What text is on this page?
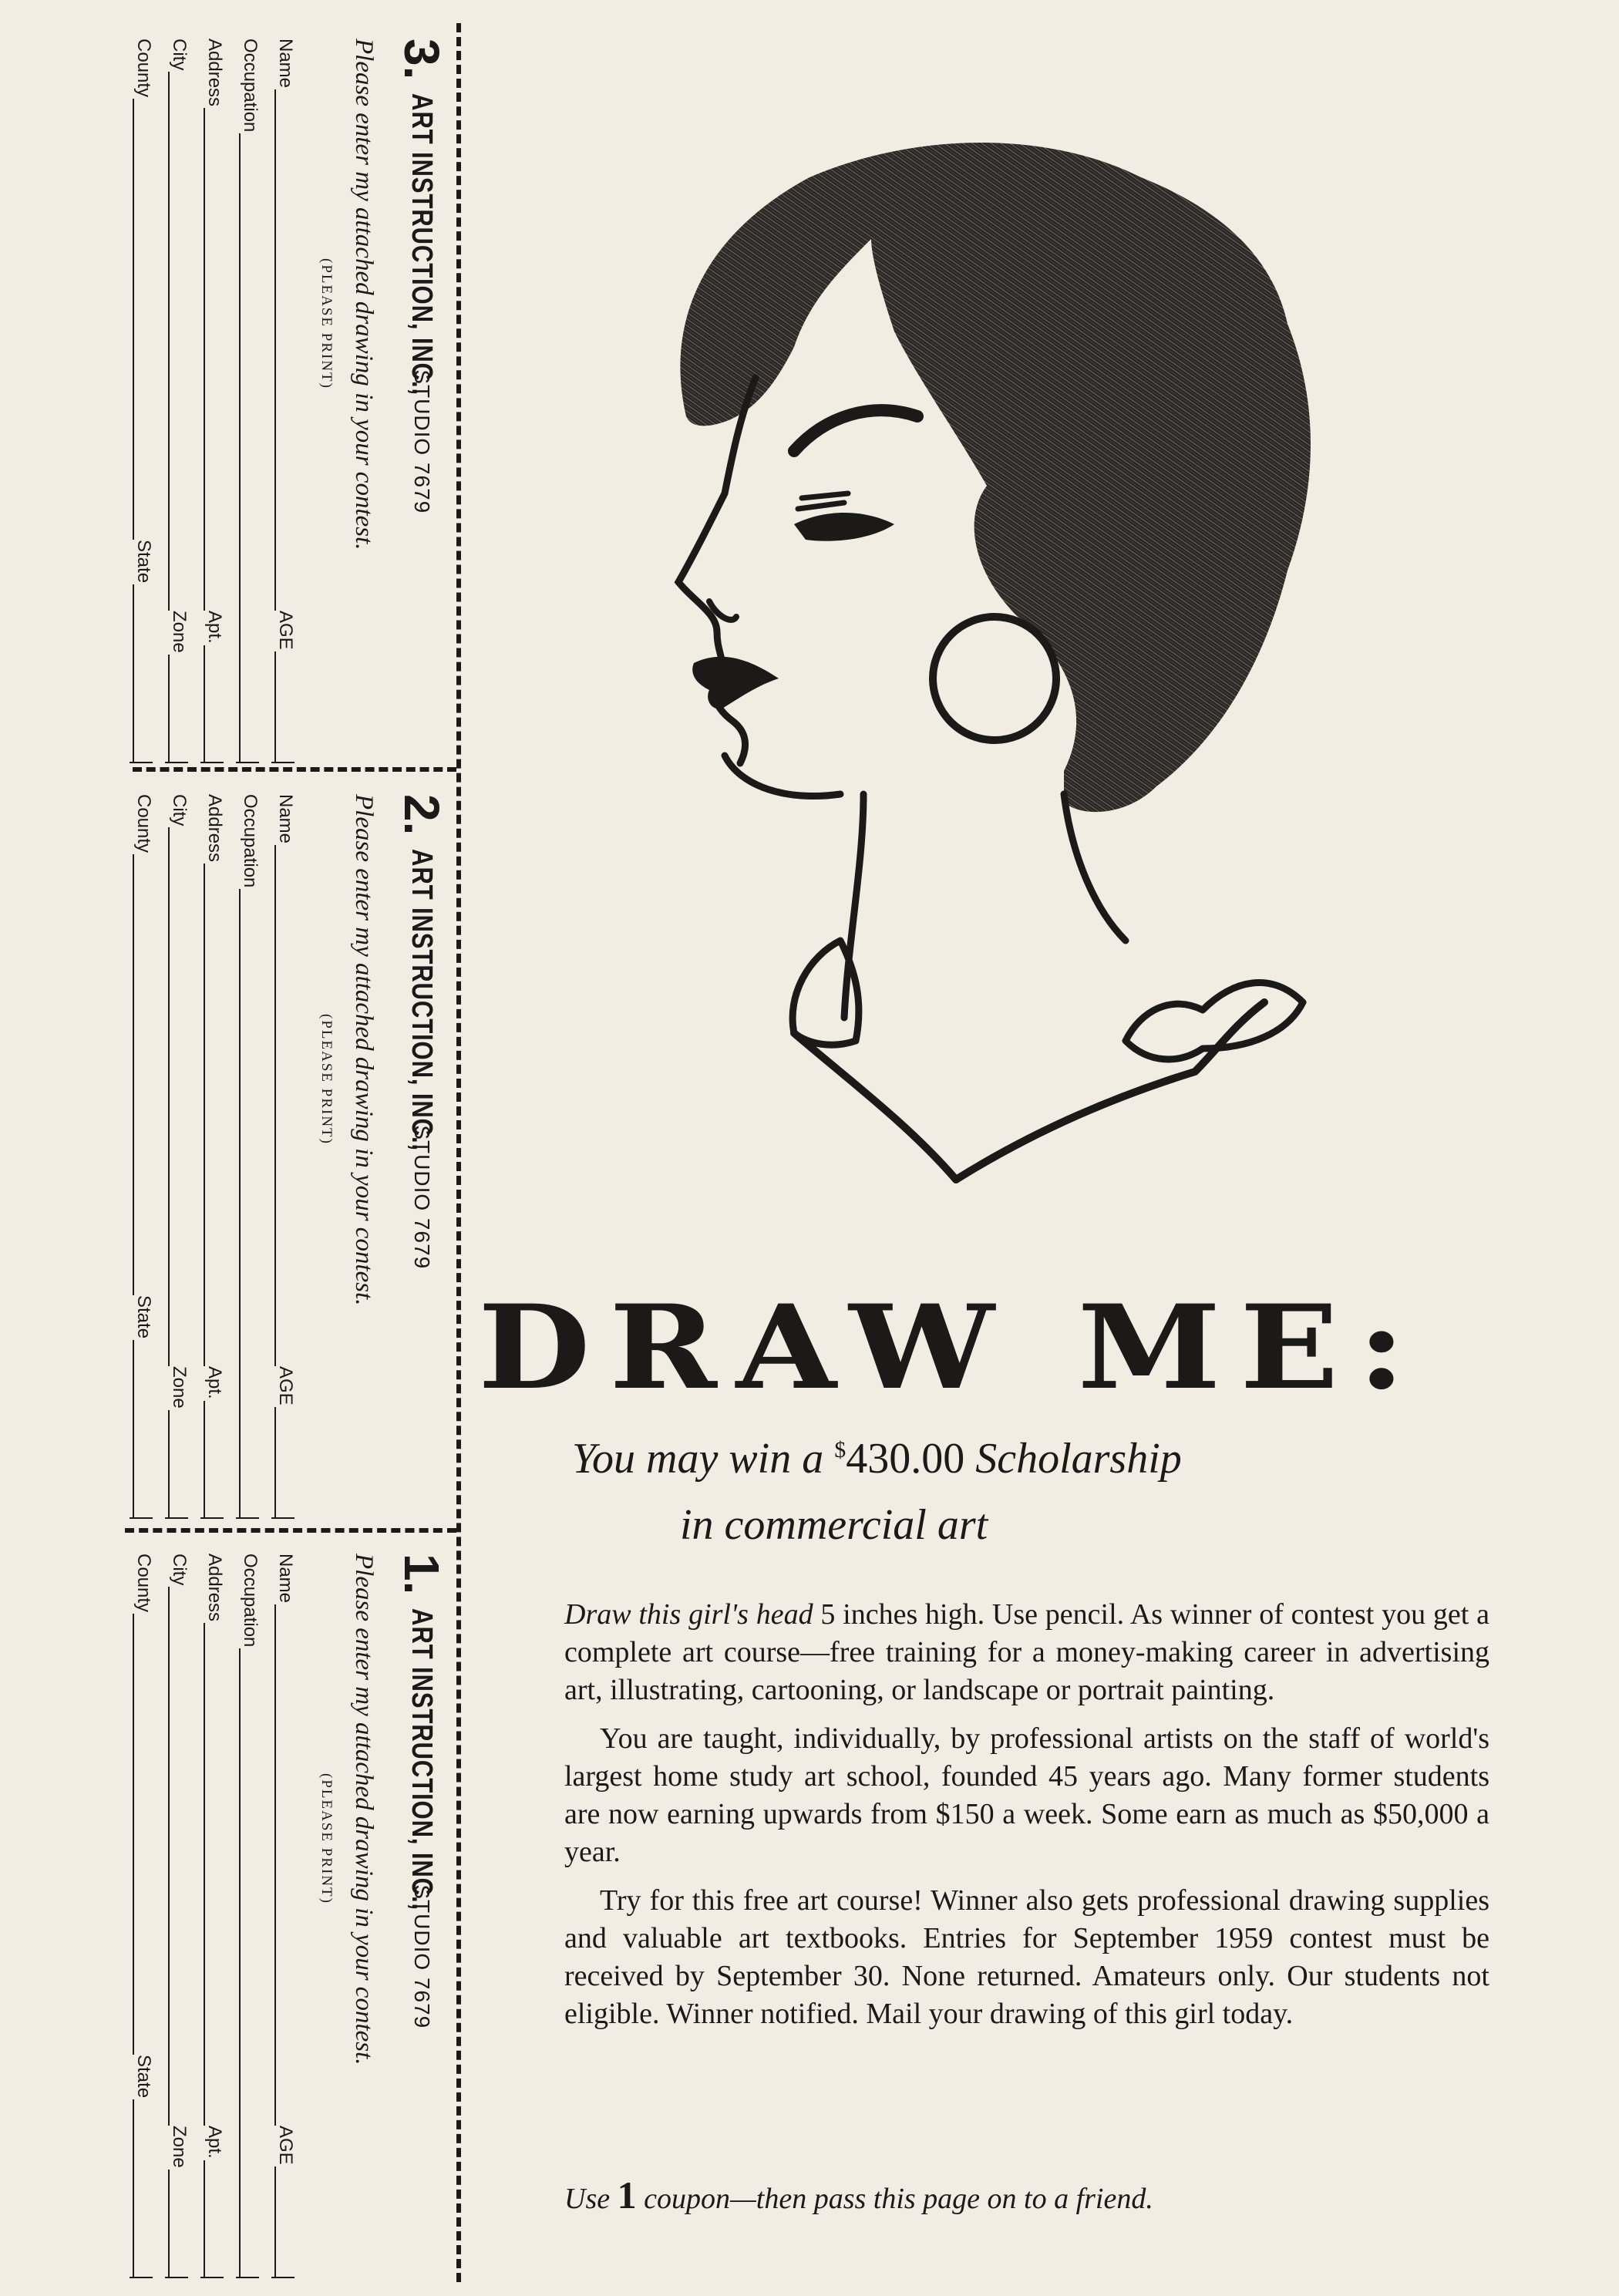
3.ART INSTRUCTION, INC.,STUDIO 7679
Please enter my attached drawing in your contest.
(PLEASE PRINT)
Name
AGE
Occupation
Address
Apt.
City
Zone
County
State
2.ART INSTRUCTION, INC.,STUDIO 7679
Please enter my attached drawing in your contest.
(PLEASE PRINT)
Name
AGE
Occupation
Address
Apt.
City
Zone
County
State
1.ART INSTRUCTION, INC.,STUDIO 7679
Please enter my attached drawing in your contest.
(PLEASE PRINT)
Name
AGE
Occupation
Address
Apt.
City
Zone
County
State
DRAW ME:
You may win a $430.00 Scholarship
in commercial art

Draw this girl's head 5 inches high. Use pencil. As winner of contest you get a complete art course—free training for a money-making career in advertising art, illustrating, cartooning, or landscape or portrait painting.

You are taught, individually, by professional artists on the staff of world's largest home study art school, founded 45 years ago. Many former students are now earning upwards from $150 a week. Some earn as much as $50,000 a year.

Try for this free art course! Winner also gets professional drawing supplies and valuable art textbooks. Entries for September 1959 contest must be received by September 30. None returned. Amateurs only. Our students not eligible. Winner notified. Mail your drawing of this girl today.

Use 1 coupon—then pass this page on to a friend.
